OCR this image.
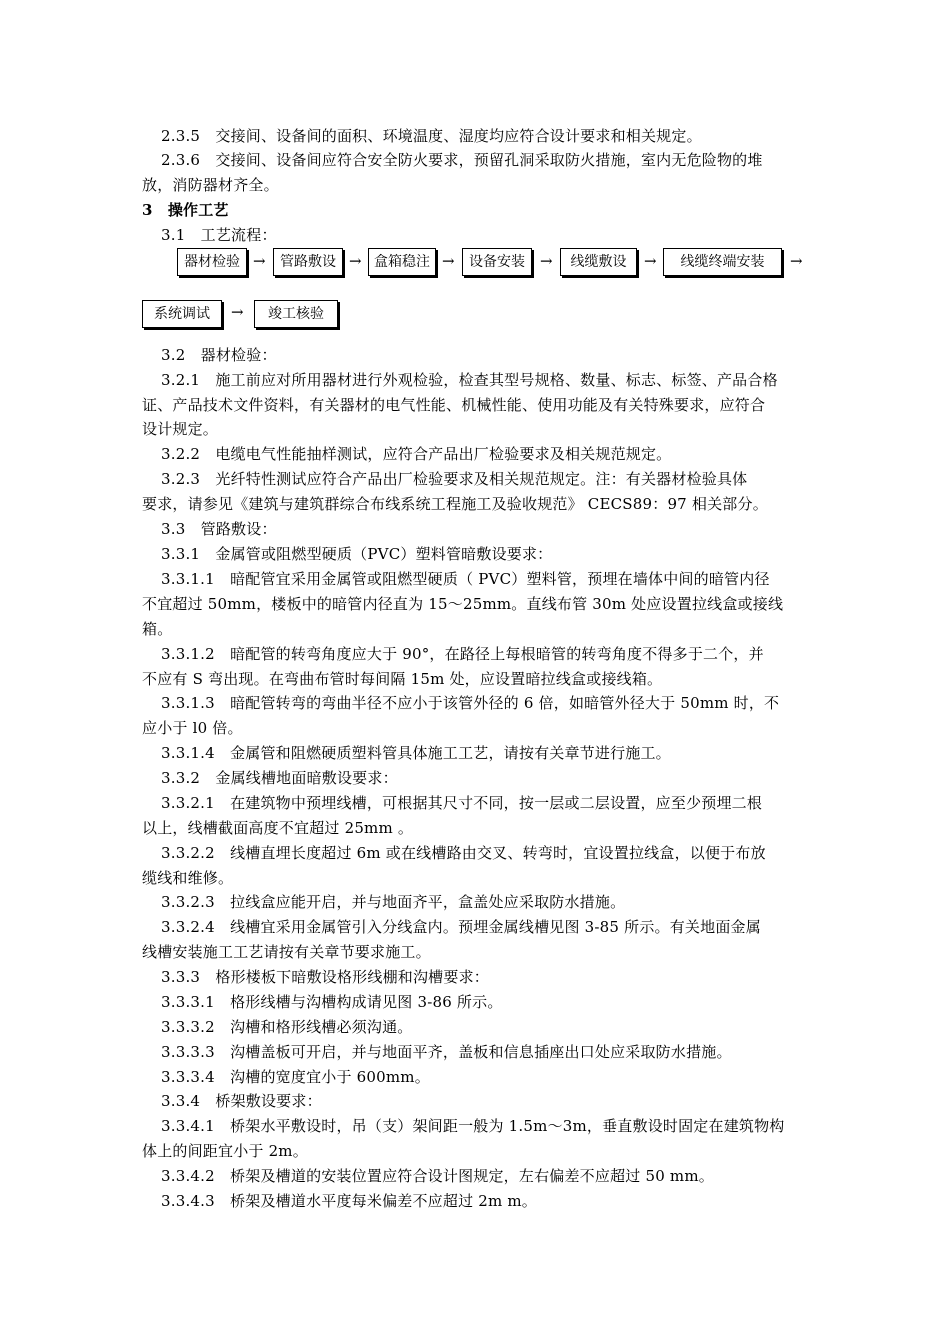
2.3.5　交接间、设备间的面积、环境温度、湿度均应符合设计要求和相关规定。
2.3.6　交接间、设备间应符合安全防火要求，预留孔洞采取防火措施，室内无危险物的堆
放，消防器材齐全。
3　操作工艺
3.1　工艺流程：
器材检验 →	管路敷设 → 盒箱稳注 →	设备安装	→	线缆敷设	→	线缆终端安装	→
系统调试	→	竣工核验
3.2　器材检验：
3.2.1　施工前应对所用器材进行外观检验，检查其型号规格、数量、标志、标签、产品合格
证、产品技术文件资料，有关器材的电气性能、机械性能、使用功能及有关特殊要求，应符合
设计规定。
3.2.2　电缆电气性能抽样测试，应符合产品出厂检验要求及相关规范规定。
3.2.3　光纤特性测试应符合产品出厂检验要求及相关规范规定。注：有关器材检验具体
要求，请参见《建筑与建筑群综合布线系统工程施工及验收规范》 CECS89：97 相关部分。
3.3　管路敷设：
3.3.1　金属管或阻燃型硬质（PVC）塑料管暗敷设要求：
3.3.1.1　暗配管宜采用金属管或阻燃型硬质（ PVC）塑料管，预埋在墙体中间的暗管内径
不宜超过 50mm，楼板中的暗管内径直为 15～25mm。直线布管 30m 处应设置拉线盒或接线
箱。
3.3.1.2　暗配管的转弯角度应大于 90°，在路径上每根暗管的转弯角度不得多于二个，并
不应有 S 弯出现。在弯曲布管时每间隔 15m 处，应设置暗拉线盒或接线箱。
3.3.1.3　暗配管转弯的弯曲半径不应小于该管外径的 6 倍，如暗管外径大于 50mm 时，不
应小于 l0 倍。
3.3.1.4　金属管和阻燃硬质塑料管具体施工工艺，请按有关章节进行施工。
3.3.2　金属线槽地面暗敷设要求：
3.3.2.1　在建筑物中预埋线槽，可根据其尺寸不同，按一层或二层设置，应至少预埋二根
以上，线槽截面高度不宜超过 25mm 。
3.3.2.2　线槽直埋长度超过 6m 或在线槽路由交叉、转弯时，宜设置拉线盒，以便于布放
缆线和维修。
3.3.2.3　拉线盒应能开启，并与地面齐平，盒盖处应采取防水措施。
3.3.2.4　线槽宜采用金属管引入分线盒内。预埋金属线槽见图 3-85 所示。有关地面金属
线槽安装施工工艺请按有关章节要求施工。
3.3.3　格形楼板下暗敷设格形线棚和沟槽要求：
3.3.3.1　格形线槽与沟槽构成请见图 3-86 所示。
3.3.3.2　沟槽和格形线槽必须沟通。
3.3.3.3　沟槽盖板可开启，并与地面平齐，盖板和信息插座出口处应采取防水措施。
3.3.3.4　沟槽的宽度宜小于 600mm。
3.3.4　桥架敷设要求：
3.3.4.1　桥架水平敷设时，吊（支）架间距一般为 1.5m～3m，垂直敷设时固定在建筑物构
体上的间距宜小于 2m。
3.3.4.2　桥架及槽道的安装位置应符合设计图规定，左右偏差不应超过 50 mm。
3.3.4.3　桥架及槽道水平度每米偏差不应超过 2m m。
